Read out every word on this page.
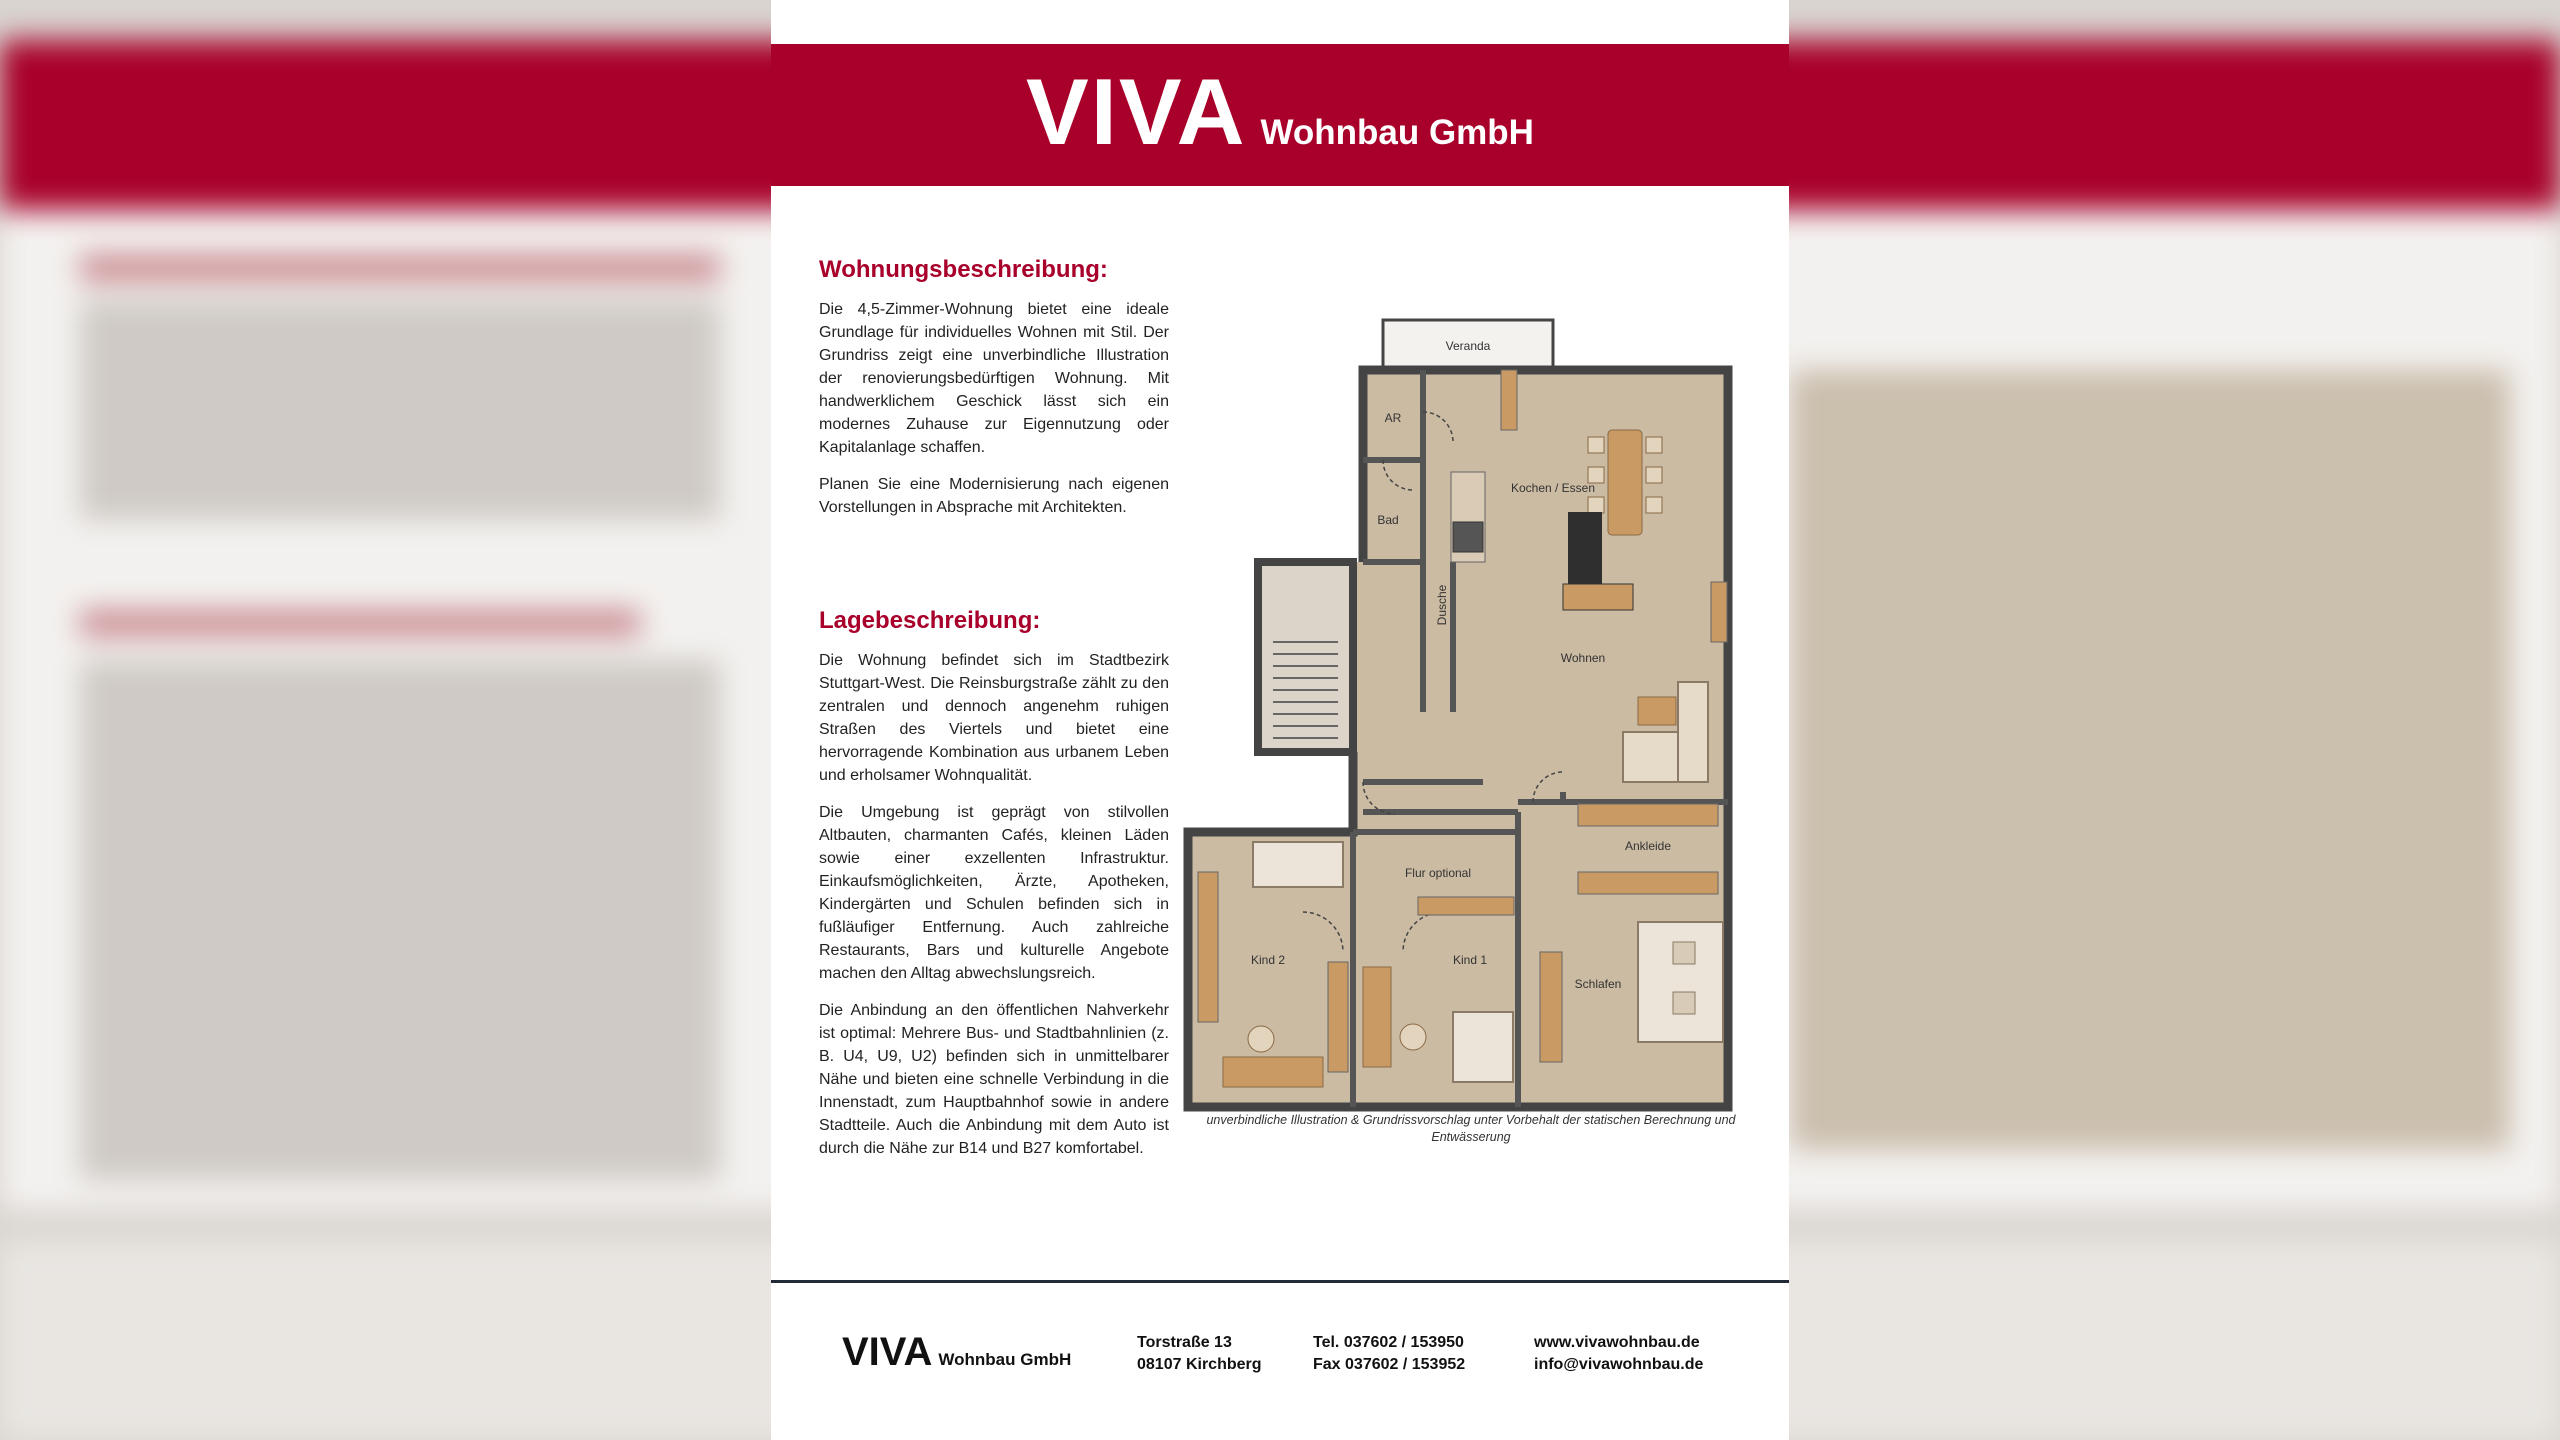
VIVA Wohnbau GmbH
Wohnungsbeschreibung:

Die 4,5-Zimmer-Wohnung bietet eine ideale Grundlage für individuelles Wohnen mit Stil. Der Grundriss zeigt eine unverbindliche Illustration der renovierungsbedürftigen Wohnung. Mit handwerklichem Geschick lässt sich ein modernes Zuhause zur Eigennutzung oder Kapitalanlage schaffen.

Planen Sie eine Modernisierung nach eigenen Vorstellungen in Absprache mit Architekten.

Lagebeschreibung:

Die Wohnung befindet sich im Stadtbezirk Stuttgart-West. Die Reinsburgstraße zählt zu den zentralen und dennoch angenehm ruhigen Straßen des Viertels und bietet eine hervorragende Kombination aus urbanem Leben und erholsamer Wohnqualität.

Die Umgebung ist geprägt von stilvollen Altbauten, charmanten Cafés, kleinen Läden sowie einer exzellenten Infrastruktur. Einkaufsmöglichkeiten, Ärzte, Apotheken, Kindergärten und Schulen befinden sich in fußläufiger Entfernung. Auch zahlreiche Restaurants, Bars und kulturelle Angebote machen den Alltag abwechslungsreich.

Die Anbindung an den öffentlichen Nahverkehr ist optimal: Mehrere Bus- und Stadtbahnlinien (z. B. U4, U9, U2) befinden sich in unmittelbarer Nähe und bieten eine schnelle Verbindung in die Innenstadt, zum Hauptbahnhof sowie in andere Stadtteile. Auch die Anbindung mit dem Auto ist durch die Nähe zur B14 und B27 komfortabel.

Veranda
AR
Kochen / Essen
Bad
Dusche
Wohnen
Ankleide
Flur optional
Kind 2	Kind 1
Schlafen
unverbindliche Illustration & Grundrissvorschlag unter Vorbehalt der statischen Berechnung und Entwässerung
VIVA Wohnbau GmbH
Torstraße 13
08107 Kirchberg
Tel. 037602 / 153950
Fax 037602 / 153952
www.vivawohnbau.de
info@vivawohnbau.de
